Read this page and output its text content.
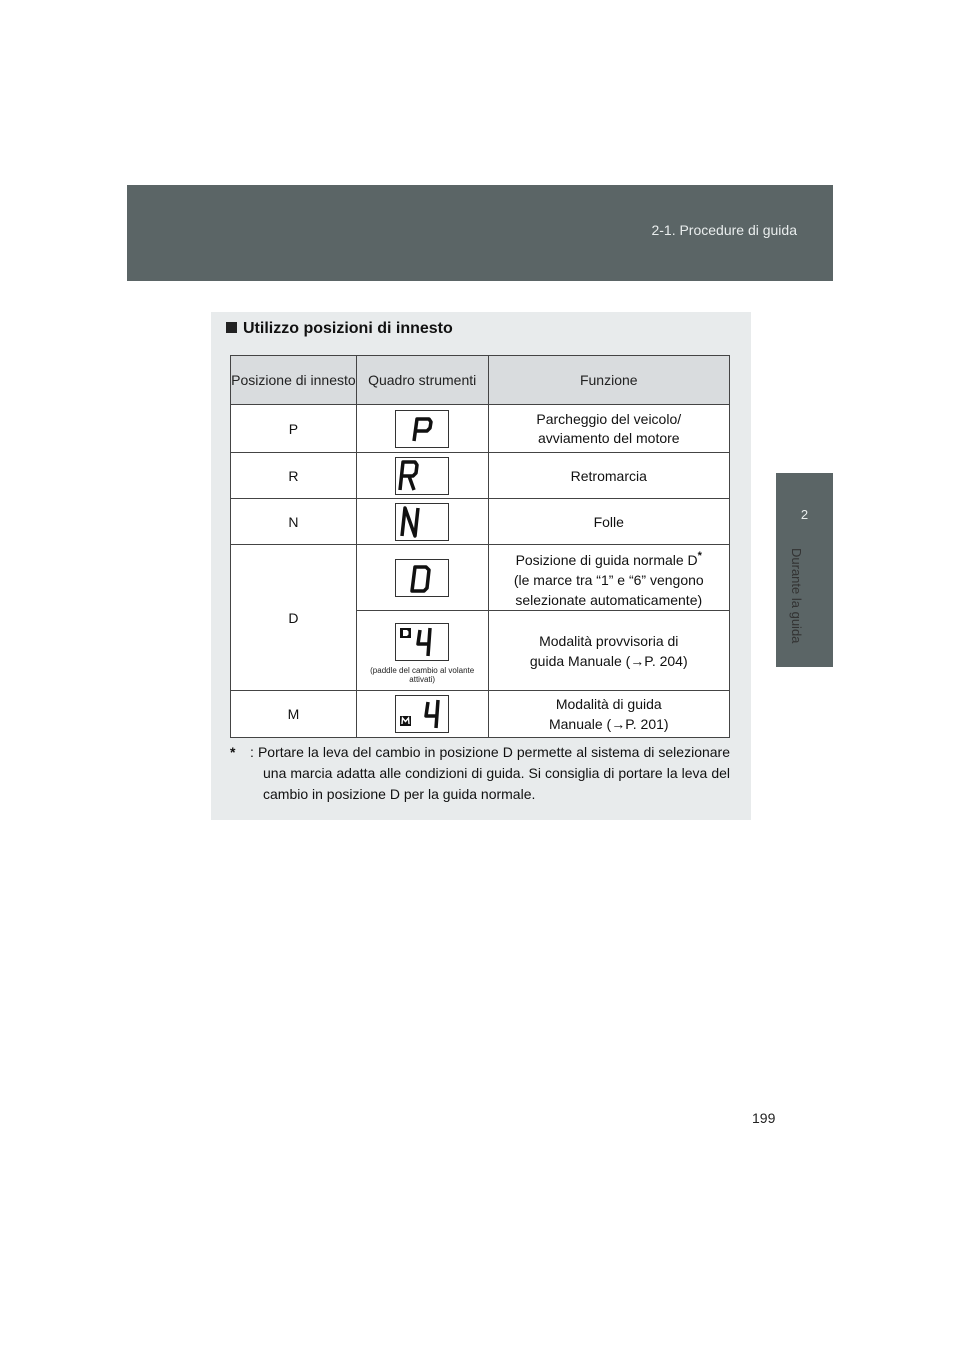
2-1. Procedure di guida
2
Durante la guida
Utilizzo posizioni di innesto
Posizione di innesto	Quadro strumenti	Funzione
P		Parcheggio del veicolo/ avviamento del motore
R		Retromarcia
N		Folle
D		Posizione di guida normale D*
(le marce tra “1” e “6” vengono selezionate automaticamente)

	(paddle del cambio al volante attivati)	Modalità provvisoria di guida Manuale (→P. 204)
M		Modalità di guida Manuale (→P. 201)
* : Portare la leva del cambio in posizione D permette al sistema di selezionare una marcia adatta alle condizioni di guida. Si consiglia di portare la leva del cambio in posizione D per la guida normale.
199
